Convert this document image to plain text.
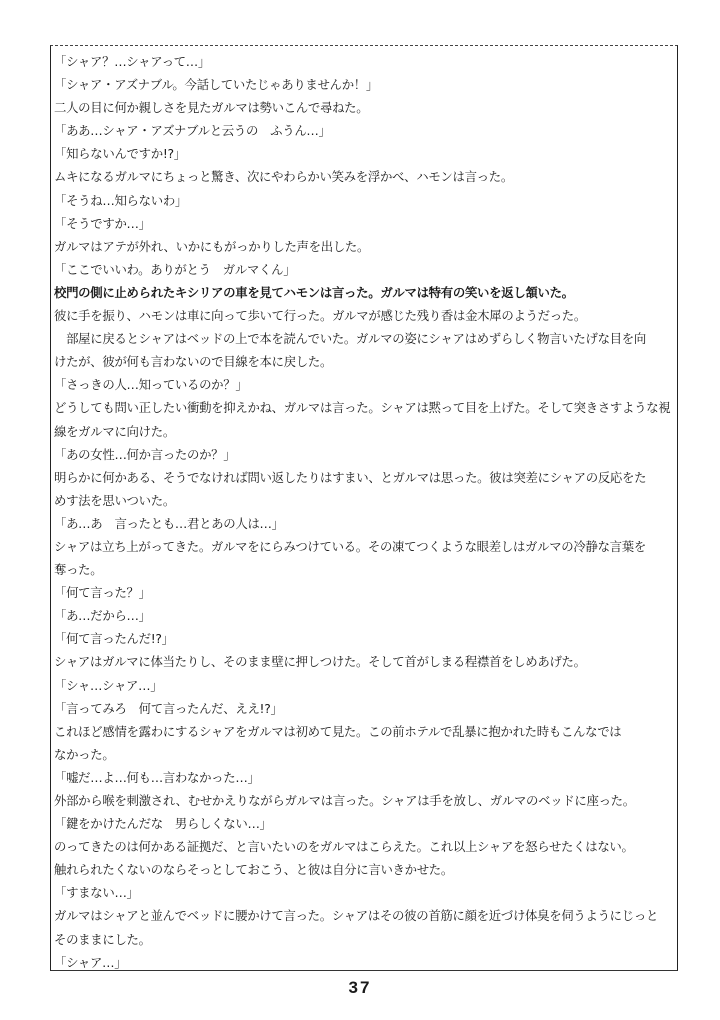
「シャア？…シャアって…」
「シャア・アズナブル。今話していたじゃありませんか！」
二人の目に何か親しさを見たガルマは勢いこんで尋ねた。
「ああ…シャア・アズナブルと云うの　ふうん…」
「知らないんですか!?」
ムキになるガルマにちょっと驚き、次にやわらかい笑みを浮かべ、ハモンは言った。
「そうね…知らないわ」
「そうですか…」
ガルマはアテが外れ、いかにもがっかりした声を出した。
「ここでいいわ。ありがとう　ガルマくん」
校門の側に止められたキシリアの車を見てハモンは言った。ガルマは特有の笑いを返し頷いた。
彼に手を振り、ハモンは車に向って歩いて行った。ガルマが感じた残り香は金木犀のようだった。
　部屋に戻るとシャアはベッドの上で本を読んでいた。ガルマの姿にシャアはめずらしく物言いたげな目を向
けたが、彼が何も言わないので目線を本に戻した。
「さっきの人…知っているのか？」
どうしても問い正したい衝動を抑えかね、ガルマは言った。シャアは黙って目を上げた。そして突きさすような視
線をガルマに向けた。
「あの女性…何か言ったのか？」
明らかに何かある、そうでなければ問い返したりはすまい、とガルマは思った。彼は突差にシャアの反応をた
めす法を思いついた。
「あ…あ　言ったとも…君とあの人は…」
シャアは立ち上がってきた。ガルマをにらみつけている。その凍てつくような眼差しはガルマの冷静な言葉を
奪った。
「何て言った？」
「あ…だから…」
「何て言ったんだ!?」
シャアはガルマに体当たりし、そのまま壁に押しつけた。そして首がしまる程襟首をしめあげた。
「シャ…シャア…」
「言ってみろ　何て言ったんだ、ええ!?」
これほど感情を露わにするシャアをガルマは初めて見た。この前ホテルで乱暴に抱かれた時もこんなでは
なかった。
「嘘だ…よ…何も…言わなかった…」
外部から喉を刺激され、むせかえりながらガルマは言った。シャアは手を放し、ガルマのベッドに座った。
「鍵をかけたんだな　男らしくない…」
のってきたのは何かある証拠だ、と言いたいのをガルマはこらえた。これ以上シャアを怒らせたくはない。
触れられたくないのならそっとしておこう、と彼は自分に言いきかせた。
「すまない…」
ガルマはシャアと並んでベッドに腰かけて言った。シャアはその彼の首筋に顔を近づけ体臭を伺うようにじっと
そのままにした。
「シャア…」
37
